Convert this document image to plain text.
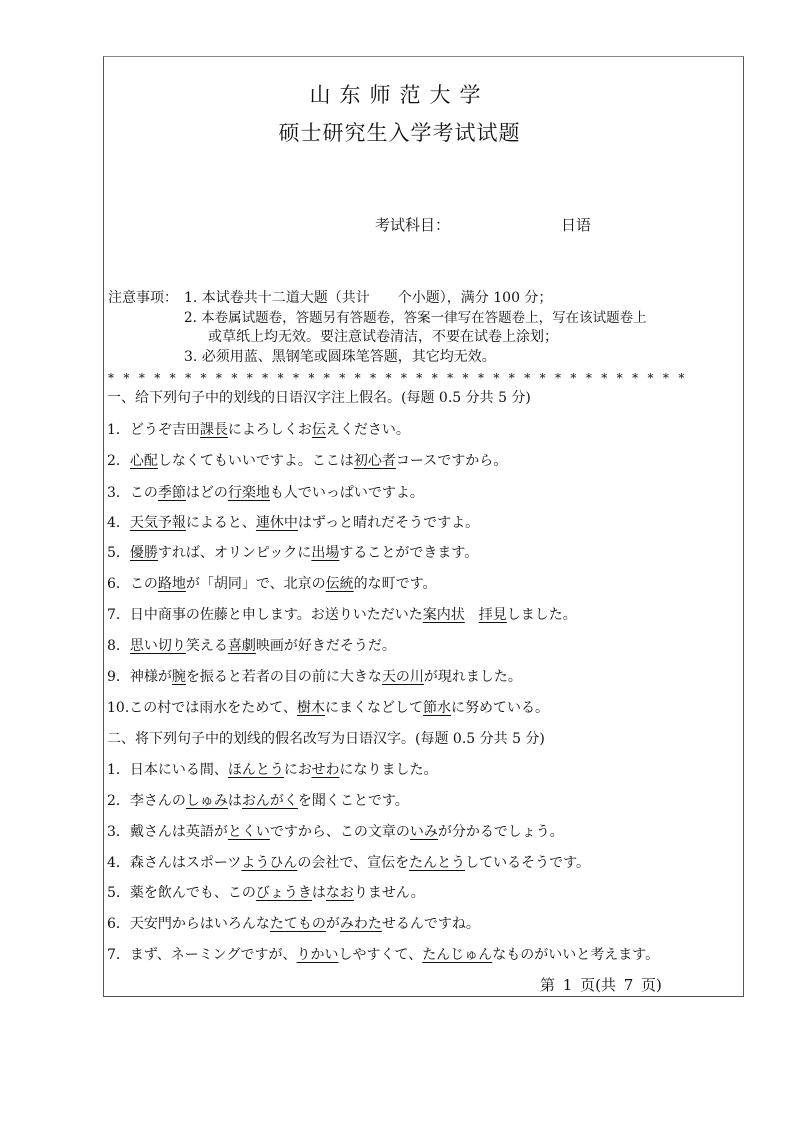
山东师范大学
硕士研究生入学考试试题
考试科目：	日语
注意事项： 1. 本试卷共十二道大题（共计　　个小题），满分 100 分；
2. 本卷属试题卷，答题另有答题卷，答案一律写在答题卷上，写在该试题卷上
或草纸上均无效。要注意试卷清洁，不要在试卷上涂划；
3. 必须用蓝、黑钢笔或圆珠笔答题，其它均无效。
* * * * * * * * * * * * * * * * * * * * * * * * * * * * * * * * * * * * * *
一、给下列句子中的划线的日语汉字注上假名。(每题 0.5 分共 5 分)
1．どうぞ吉田課長によろしくお伝えください。
2．心配しなくてもいいですよ。ここは初心者コースですから。
3．この季節はどの行楽地も人でいっぱいですよ。
4．天気予報によると、連休中はずっと晴れだそうですよ。
5．優勝すれば、オリンピックに出場することができます。
6．この路地が「胡同」で、北京の伝統的な町です。
7．日中商事の佐藤と申します。お送りいただいた案内状　 拝見しました。
8．思い切り笑える喜劇映画が好きだそうだ。
9．神様が腕を振ると若者の目の前に大きな天の川が現れました。
10.この村では雨水をためて、樹木にまくなどして節水に努めている。
二、将下列句子中的划线的假名改写为日语汉字。(每题 0.5 分共 5 分)
1．日本にいる間、ほんとうにおせわになりました。
2．李さんのしゅみはおんがくを聞くことです。
3．戴さんは英語がとくいですから、この文章のいみが分かるでしょう。
4．森さんはスポーツようひんの会社で、宣伝をたんとうしているそうです。
5．薬を飲んでも、このびょうきはなおりません。
6．天安門からはいろんなたてものがみわたせるんですね。
7．まず、ネーミングですが、りかいしやすくて、たんじゅんなものがいいと考えます。
第 1 页(共 7 页)
